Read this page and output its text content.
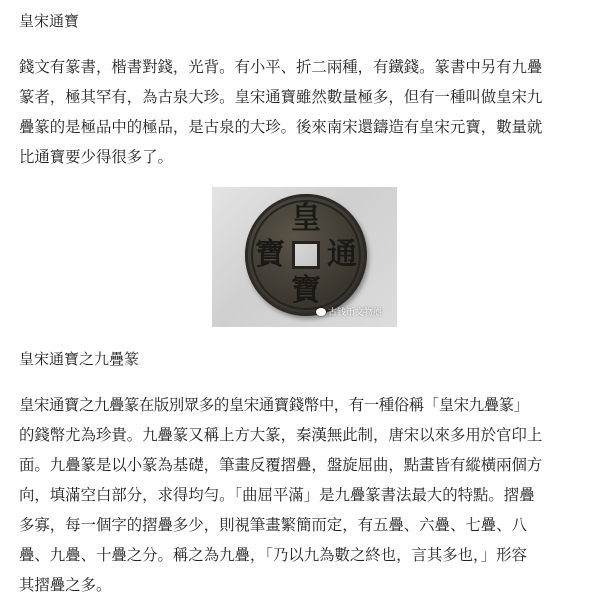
皇宋通寶
錢文有篆書，楷書對錢，光背。有小平、折二兩種，有鐵錢。篆書中另有九疊
篆者，極其罕有，為古泉大珍。皇宋通寶雖然數量極多，但有一種叫做皇宋九
疊篆的是極品中的極品，是古泉的大珍。後來南宋還鑄造有皇宋元寶，數量就
比通寶要少得很多了。
皇
寶
通
寶
古钱币文物圈
皇宋通寶之九疊篆
皇宋通寶之九疊篆在版別眾多的皇宋通寶錢幣中，有一種俗稱「皇宋九疊篆」
的錢幣尤為珍貴。九疊篆又稱上方大篆，秦漢無此制，唐宋以來多用於官印上
面。九疊篆是以小篆為基礎，筆畫反覆摺疊，盤旋屈曲，點畫皆有縱橫兩個方
向，填滿空白部分，求得均勻。「曲屈平滿」是九疊篆書法最大的特點。摺疊
多寡，每一個字的摺疊多少，則視筆畫繁簡而定，有五疊、六疊、七疊、八
疊、九疊、十疊之分。稱之為九疊，「乃以九為數之終也，言其多也，」形容
其摺疊之多。
